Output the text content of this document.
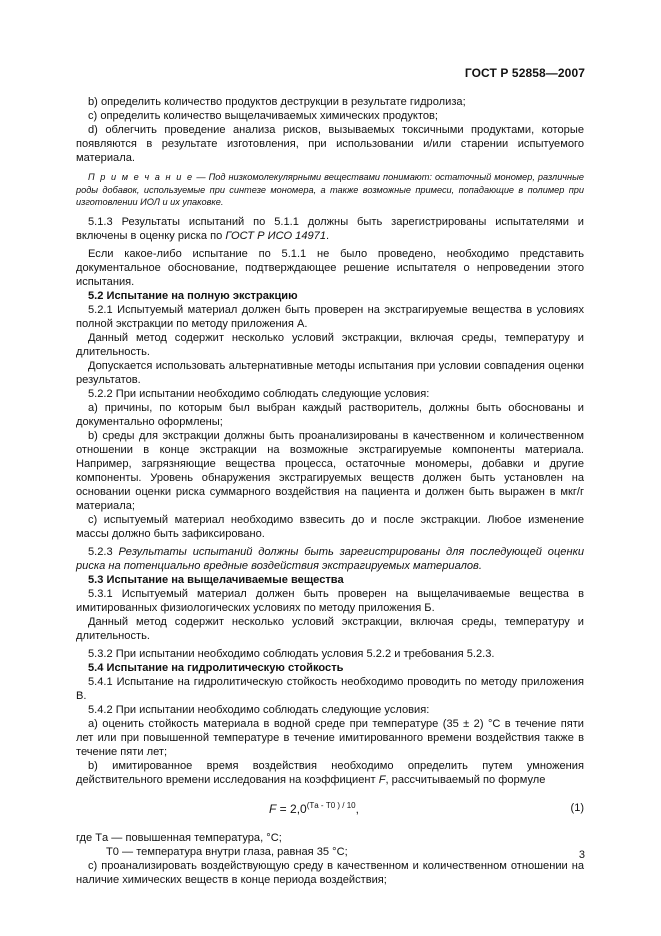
ГОСТ Р 52858—2007

b) определить количество продуктов деструкции в результате гидролиза;

c) определить количество выщелачиваемых химических продуктов;

d) облегчить проведение анализа рисков, вызываемых токсичными продуктами, которые появляются в результате изготовления, при использовании и/или старении испытуемого материала.

П р и м е ч а н и е — Под низкомолекулярными веществами понимают: остаточный мономер, различные роды добавок, используемые при синтезе мономера, а также возможные примеси, попадающие в полимер при изготовлении ИОЛ и их упаковке.

5.1.3 Результаты испытаний по 5.1.1 должны быть зарегистрированы испытателями и включены в оценку риска по ГОСТ Р ИСО 14971.

Если какое-либо испытание по 5.1.1 не было проведено, необходимо представить документальное обоснование, подтверждающее решение испытателя о непроведении этого испытания.

5.2 Испытание на полную экстракцию

5.2.1 Испытуемый материал должен быть проверен на экстрагируемые вещества в условиях полной экстракции по методу приложения А.

Данный метод содержит несколько условий экстракции, включая среды, температуру и длительность.

Допускается использовать альтернативные методы испытания при условии совпадения оценки результатов.

5.2.2 При испытании необходимо соблюдать следующие условия:

а) причины, по которым был выбран каждый растворитель, должны быть обоснованы и документально оформлены;

b) среды для экстракции должны быть проанализированы в качественном и количественном отношении в конце экстракции на возможные экстрагируемые компоненты материала. Например, загрязняющие вещества процесса, остаточные мономеры, добавки и другие компоненты. Уровень обнаружения экстрагируемых веществ должен быть установлен на основании оценки риска суммарного воздействия на пациента и должен быть выражен в мкг/г материала;

c) испытуемый материал необходимо взвесить до и после экстракции. Любое изменение массы должно быть зафиксировано.

5.2.3 Результаты испытаний должны быть зарегистрированы для последующей оценки риска на потенциально вредные воздействия экстрагируемых материалов.

5.3 Испытание на выщелачиваемые вещества

5.3.1 Испытуемый материал должен быть проверен на выщелачиваемые вещества в имитированных физиологических условиях по методу приложения Б.

Данный метод содержит несколько условий экстракции, включая среды, температуру и длительность.

5.3.2 При испытании необходимо соблюдать условия 5.2.2 и требования 5.2.3.

5.4 Испытание на гидролитическую стойкость

5.4.1 Испытание на гидролитическую стойкость необходимо проводить по методу приложения В.

5.4.2 При испытании необходимо соблюдать следующие условия:

а) оценить стойкость материала в водной среде при температуре (35 ± 2) °С в течение пяти лет или при повышенной температуре в течение имитированного времени воздействия также в течение пяти лет;

b) имитированное время воздействия необходимо определить путем умножения действительного времени исследования на коэффициент F, рассчитываемый по формуле

$F = 2,0^{(Tа - T0 ) / 10}$,	(1)

где Tа — повышенная температура, °С;

T0 — температура внутри глаза, равная 35 °С;

c) проанализировать воздействующую среду в качественном и количественном отношении на наличие химических веществ в конце периода воздействия;

3
